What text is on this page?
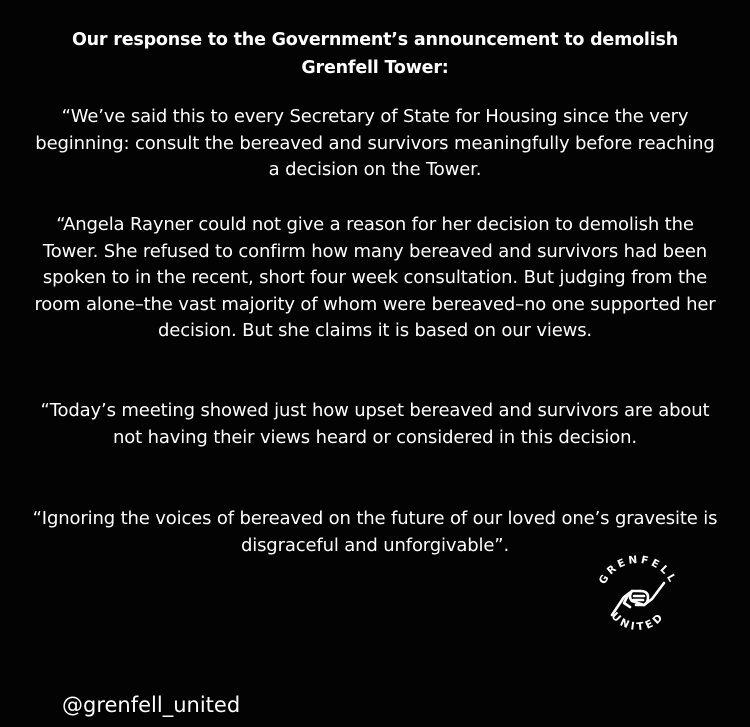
Our response to the Government’s announcement to demolish Grenfell Tower:
“We’ve said this to every Secretary of State for Housing since the very beginning: consult the bereaved and survivors meaningfully before reaching a decision on the Tower.
“Angela Rayner could not give a reason for her decision to demolish the Tower. She refused to confirm how many bereaved and survivors had been spoken to in the recent, short four week consultation. But judging from the room alone–the vast majority of whom were bereaved–no one supported her decision. But she claims it is based on our views.
“Today’s meeting showed just how upset bereaved and survivors are about not having their views heard or considered in this decision.
“Ignoring the voices of bereaved on the future of our loved one’s gravesite is disgraceful and unforgivable”.
GRENFELL
UNITED
@grenfell_united
